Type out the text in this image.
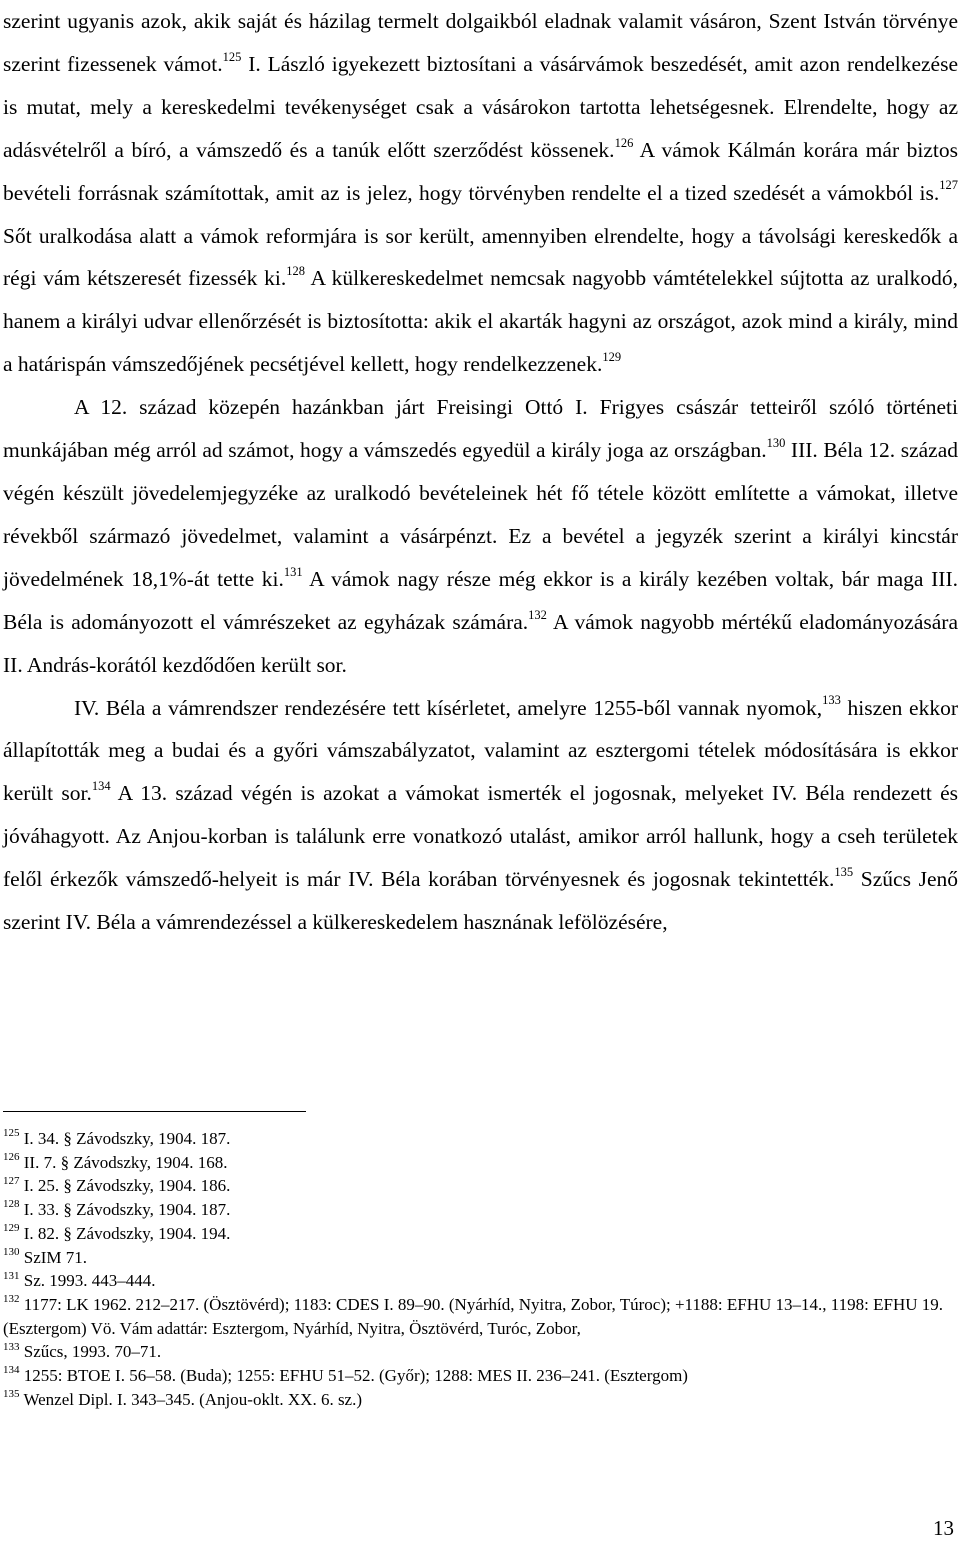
szerint ugyanis azok, akik saját és házilag termelt dolgaikból eladnak valamit vásáron, Szent István törvénye szerint fizessenek vámot.$^{125}$ I. László igyekezett biztosítani a vásárvámok beszedését, amit azon rendelkezése is mutat, mely a kereskedelmi tevékenységet csak a vásárokon tartotta lehetségesnek. Elrendelte, hogy az adásvételről a bíró, a vámszedő és a tanúk előtt szerződést kössenek.$^{126}$ A vámok Kálmán korára már biztos bevételi forrásnak számítottak, amit az is jelez, hogy törvényben rendelte el a tized szedését a vámokból is.$^{127}$ Sőt uralkodása alatt a vámok reformjára is sor került, amennyiben elrendelte, hogy a távolsági kereskedők a régi vám kétszeresét fizessék ki.$^{128}$ A külkereskedelmet nemcsak nagyobb vámtételekkel sújtotta az uralkodó, hanem a királyi udvar ellenőrzését is biztosította: akik el akarták hagyni az országot, azok mind a király, mind a határispán vámszedőjének pecsétjével kellett, hogy rendelkezzenek.$^{129}$

A 12. század közepén hazánkban járt Freisingi Ottó I. Frigyes császár tetteiről szóló történeti munkájában még arról ad számot, hogy a vámszedés egyedül a király joga az országban.$^{130}$ III. Béla 12. század végén készült jövedelemjegyzéke az uralkodó bevételeinek hét fő tétele között említette a vámokat, illetve révekből származó jövedelmet, valamint a vásárpénzt. Ez a bevétel a jegyzék szerint a királyi kincstár jövedelmének 18,1%-át tette ki.$^{131}$ A vámok nagy része még ekkor is a király kezében voltak, bár maga III. Béla is adományozott el vámrészeket az egyházak számára.$^{132}$ A vámok nagyobb mértékű eladományozására II. András-korától kezdődően került sor.

IV. Béla a vámrendszer rendezésére tett kísérletet, amelyre 1255-ből vannak nyomok,$^{133}$ hiszen ekkor állapították meg a budai és a győri vámszabályzatot, valamint az esztergomi tételek módosítására is ekkor került sor.$^{134}$ A 13. század végén is azokat a vámokat ismerték el jogosnak, melyeket IV. Béla rendezett és jóváhagyott. Az Anjou-korban is találunk erre vonatkozó utalást, amikor arról hallunk, hogy a cseh területek felől érkezők vámszedő-helyeit is már IV. Béla korában törvényesnek és jogosnak tekintették.$^{135}$ Szűcs Jenő szerint IV. Béla a vámrendezéssel a külkereskedelem hasznának lefölözésére,

$^{125}$ I. 34. § Závodszky, 1904. 187.
$^{126}$ II. 7. § Závodszky, 1904. 168.
$^{127}$ I. 25. § Závodszky, 1904. 186.
$^{128}$ I. 33. § Závodszky, 1904. 187.
$^{129}$ I. 82. § Závodszky, 1904. 194.
$^{130}$ SzIM 71.
$^{131}$ Sz. 1993. 443–444.
$^{132}$ 1177: LK 1962. 212–217. (Ösztövérd); 1183: CDES I. 89–90. (Nyárhíd, Nyitra, Zobor, Túroc); +1188: EFHU 13–14., 1198: EFHU 19. (Esztergom) Vö. Vám adattár: Esztergom, Nyárhíd, Nyitra, Ösztövérd, Turóc, Zobor,
$^{133}$ Szűcs, 1993. 70–71.
$^{134}$ 1255: BTOE I. 56–58. (Buda); 1255: EFHU 51–52. (Győr); 1288: MES II. 236–241. (Esztergom)
$^{135}$ Wenzel Dipl. I. 343–345. (Anjou-oklt. XX. 6. sz.)
13
